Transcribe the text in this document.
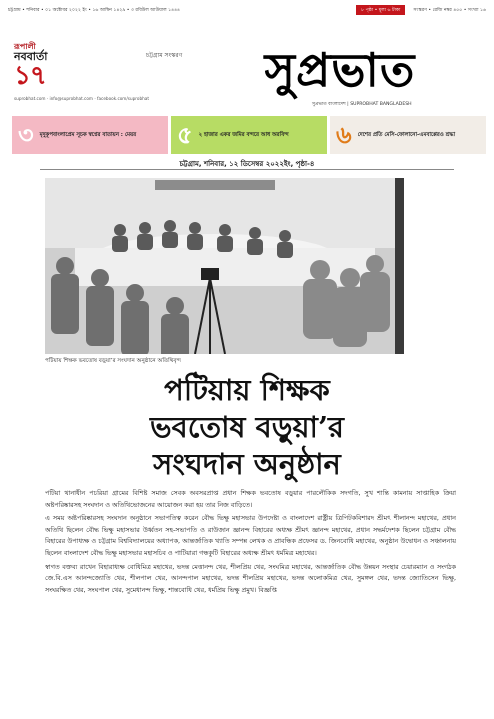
চট্টগ্রাম • শনিবার • ০১ অক্টোবর ২০২২ ইং • ১৬ আশ্বিন ১৪২৯ • ৩ রবিউল আউয়াল ১৪৪৪	৮ পৃষ্ঠা • মূল্য ৬ টাকা	সংস্করণ • রেজি নম্বর ৪৫৫ • সংখ্যা ১৬
রূপালী
নববার্তা
১৭
suprobhat.com · info@suprobhat.com · facebook.com/suprobhat
চট্টগ্রাম সংস্করণ	সুপ্রভাত
সুপ্রভাত বাংলাদেশ | SUPROBHAT BANGLADESH
৩ মৃদুকূপবাংলাপ্রেম সূচক স্বপ্নের বাতায়ন : মেয়র ৫ ২ হাজার একর জমির বন্দরে আধ অরবিন্দ ৬ দেশের প্রতি মেসি-ফোলানো-এমবাপ্পেরও শ্রদ্ধা
চট্টগ্রাম, শনিবার, ১২ ডিসেম্বর ২০২২ইং, পৃষ্ঠা-৪
পটিয়ায় শিক্ষক ভবতোষ বড়ুয়া’র সংঘদান অনুষ্ঠানে অতিথিবৃন্দ
পটিয়ায় শিক্ষক
ভবতোষ বড়ুয়া’র
সংঘদান অনুষ্ঠান

পটিয়া থানাধীন পচরিয়া গ্রামের বিশিষ্ট সমাজ সেবক অবসরপ্রাপ্ত প্রধান শিক্ষক ভবতোষ বড়ুয়ার পারলৌকিক সদগতি, সুখ শান্তি কামনায় সাপ্তাহিক ক্রিয়া অষ্টপরিষ্কারসহ সংঘদান ও অতিথিভোজনের আয়োজন করা হয় তার নিজ বাড়িতে।

এ সময় অষ্টপরিষ্কারসহ সংঘদান অনুষ্ঠানে সভাপতিত্ব করেন বৌদ্ধ ভিক্ষু মহাসভার উপদেষ্টা ও বাংলাদেশ রাষ্ট্রীয় ত্রিপিটকবিশারদ শ্রীমৎ শীলানন্দ মহাথের, প্রধান অতিথি ছিলেন বৌদ্ধ ভিক্ষু মহাসভার উর্ধ্বতন সহ-সভাপতি ও রাউজান জ্ঞানন্দ বিহারের অধ্যক্ষ শ্রীমৎ জ্ঞানন্দ মহাথের, প্রধান সদ্ধর্মদেশক ছিলেন চট্টগ্রাম বৌদ্ধ বিহারের উপাধ্যক্ষ ও চট্টগ্রাম বিশ্ববিদ্যালয়ের অধ্যাপক, আন্তর্জাতিক খ্যাতি সম্পন্ন লেখক ও প্রাবন্ধিক প্রফেসর ড. জিনবোধি মহাথের, অনুষ্ঠান উদ্বোধন ও সঞ্চালনায় ছিলেন বাংলাদেশ বৌদ্ধ ভিক্ষু মহাসভার মহাসচিব ও পাটিয়ারা গন্ধকুটি বিহারের অধ্যক্ষ শ্রীমৎ ধর্মমিত্র মহাথের।

স্বাগত বক্তব্য রাখেন বিহারাধ্যক্ষ বোধিমিত্র মহাথের, ভদন্ত মেত্তানন্দ থের, শীলপ্রিয় থের, সংঘমিত্র মহাথের, আন্তর্জাতিক বৌদ্ধ উন্নয়ন সংস্থার চেয়ারম্যান ও সংগঠক জে.বি.এস আনন্দজ্যোতি থের, শীলপাল থের, আনন্দপাল মহাথের, ভদন্ত শীলপ্রিয় মহাথের, ভদন্ত অলোকমিত্র থের, সুমঙ্গল থের, ভদন্ত জ্যোতিসেন ভিক্ষু, সংঘরক্ষিত থের, সংঘপাল থের, সুমেধানন্দ ভিক্ষু, শান্তবোধি থের, ধর্মপ্রিয় ভিক্ষু প্রমুখ। বিজ্ঞপ্তি
